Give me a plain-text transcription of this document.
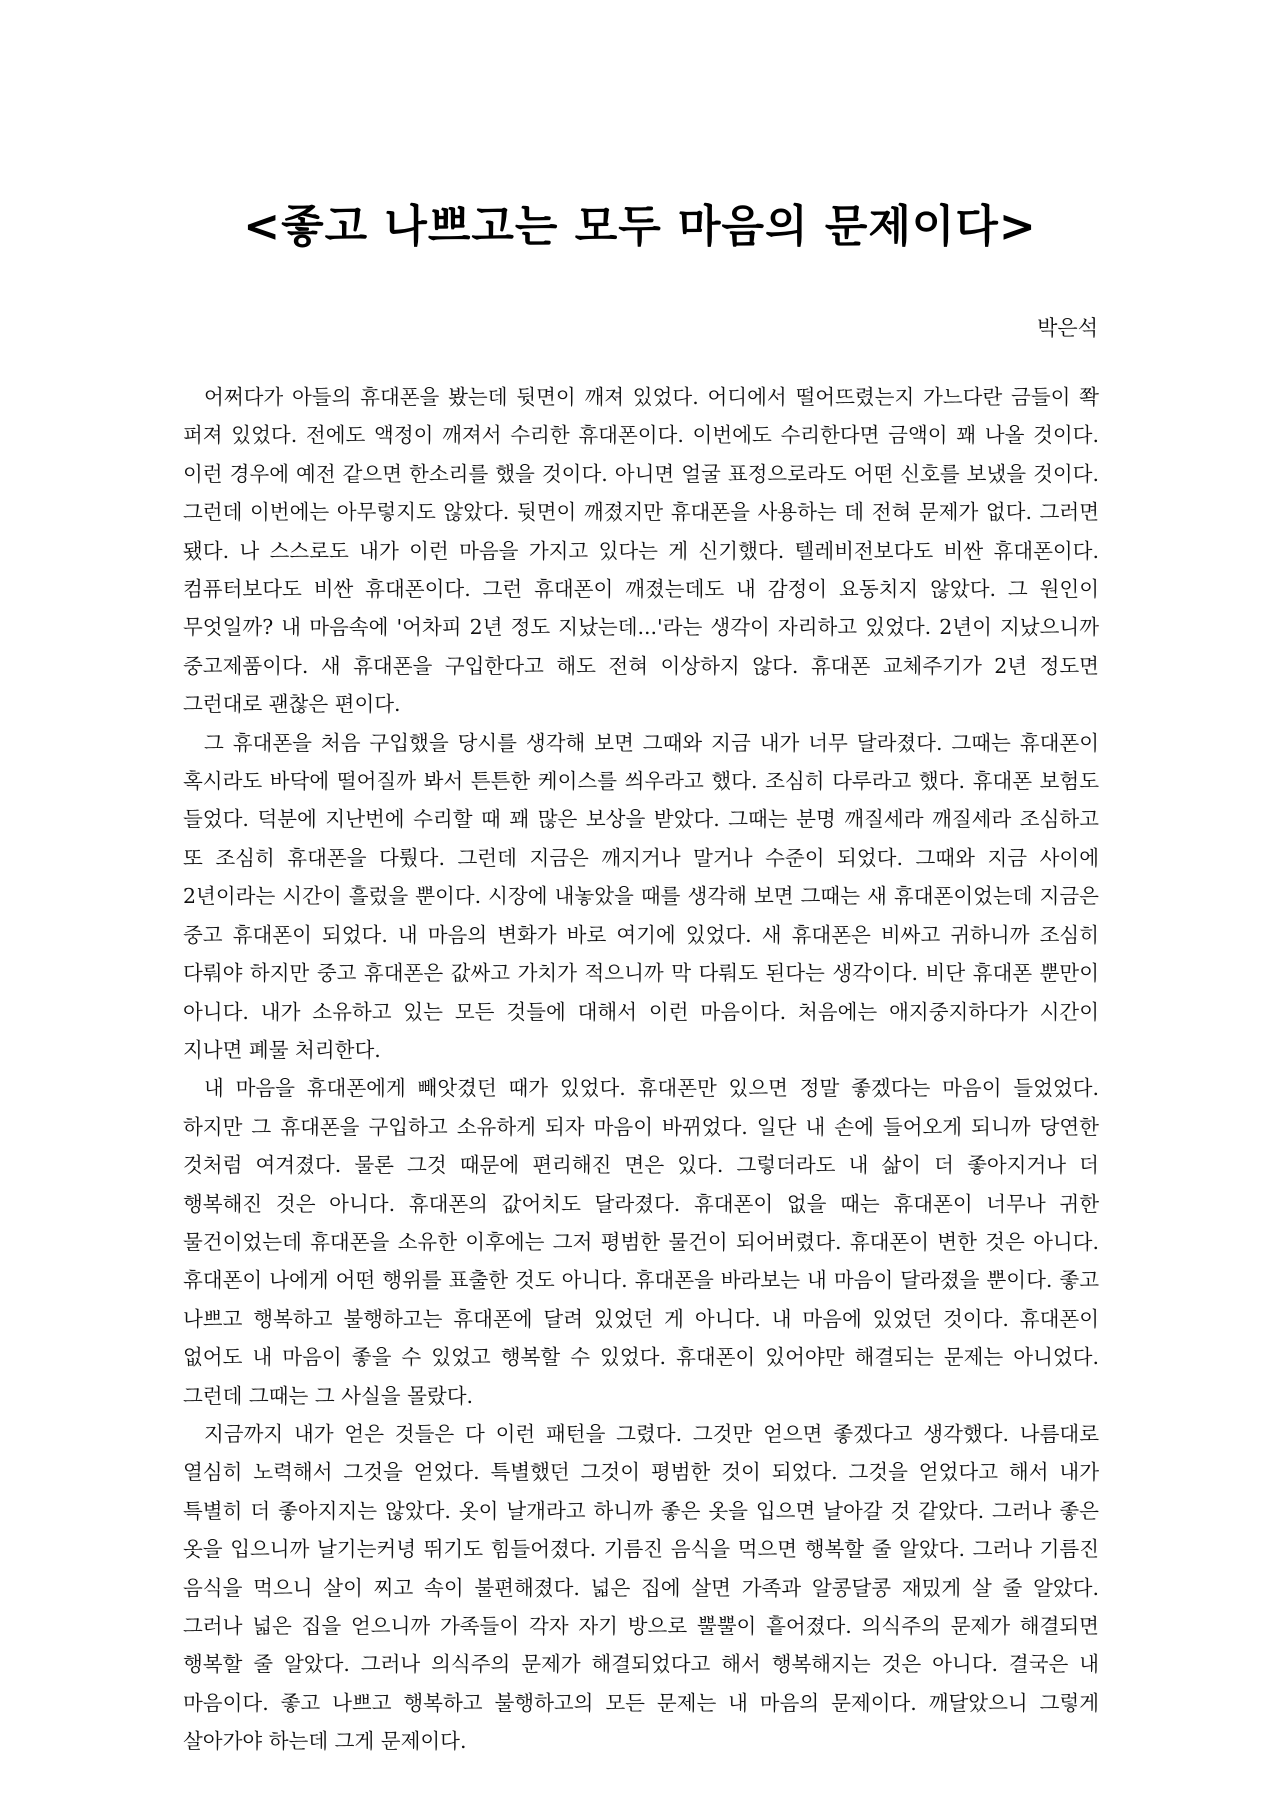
<좋고 나쁘고는 모두 마음의 문제이다>
박은석

어쩌다가 아들의 휴대폰을 봤는데 뒷면이 깨져 있었다. 어디에서 떨어뜨렸는지 가느다란 금들이 쫙 퍼져 있었다. 전에도 액정이 깨져서 수리한 휴대폰이다. 이번에도 수리한다면 금액이 꽤 나올 것이다. 이런 경우에 예전 같으면 한소리를 했을 것이다. 아니면 얼굴 표정으로라도 어떤 신호를 보냈을 것이다. 그런데 이번에는 아무렇지도 않았다. 뒷면이 깨졌지만 휴대폰을 사용하는 데 전혀 문제가 없다. 그러면 됐다. 나 스스로도 내가 이런 마음을 가지고 있다는 게 신기했다. 텔레비전보다도 비싼 휴대폰이다. 컴퓨터보다도 비싼 휴대폰이다. 그런 휴대폰이 깨졌는데도 내 감정이 요동치지 않았다. 그 원인이 무엇일까? 내 마음속에 '어차피 2년 정도 지났는데...'라는 생각이 자리하고 있었다. 2년이 지났으니까 중고제품이다. 새 휴대폰을 구입한다고 해도 전혀 이상하지 않다. 휴대폰 교체주기가 2년 정도면 그런대로 괜찮은 편이다.

그 휴대폰을 처음 구입했을 당시를 생각해 보면 그때와 지금 내가 너무 달라졌다. 그때는 휴대폰이 혹시라도 바닥에 떨어질까 봐서 튼튼한 케이스를 씌우라고 했다. 조심히 다루라고 했다. 휴대폰 보험도 들었다. 덕분에 지난번에 수리할 때 꽤 많은 보상을 받았다. 그때는 분명 깨질세라 깨질세라 조심하고 또 조심히 휴대폰을 다뤘다. 그런데 지금은 깨지거나 말거나 수준이 되었다. 그때와 지금 사이에 2년이라는 시간이 흘렀을 뿐이다. 시장에 내놓았을 때를 생각해 보면 그때는 새 휴대폰이었는데 지금은 중고 휴대폰이 되었다. 내 마음의 변화가 바로 여기에 있었다. 새 휴대폰은 비싸고 귀하니까 조심히 다뤄야 하지만 중고 휴대폰은 값싸고 가치가 적으니까 막 다뤄도 된다는 생각이다. 비단 휴대폰 뿐만이 아니다. 내가 소유하고 있는 모든 것들에 대해서 이런 마음이다. 처음에는 애지중지하다가 시간이 지나면 폐물 처리한다.

내 마음을 휴대폰에게 빼앗겼던 때가 있었다. 휴대폰만 있으면 정말 좋겠다는 마음이 들었었다. 하지만 그 휴대폰을 구입하고 소유하게 되자 마음이 바뀌었다. 일단 내 손에 들어오게 되니까 당연한 것처럼 여겨졌다. 물론 그것 때문에 편리해진 면은 있다. 그렇더라도 내 삶이 더 좋아지거나 더 행복해진 것은 아니다. 휴대폰의 값어치도 달라졌다. 휴대폰이 없을 때는 휴대폰이 너무나 귀한 물건이었는데 휴대폰을 소유한 이후에는 그저 평범한 물건이 되어버렸다. 휴대폰이 변한 것은 아니다. 휴대폰이 나에게 어떤 행위를 표출한 것도 아니다. 휴대폰을 바라보는 내 마음이 달라졌을 뿐이다. 좋고 나쁘고 행복하고 불행하고는 휴대폰에 달려 있었던 게 아니다. 내 마음에 있었던 것이다. 휴대폰이 없어도 내 마음이 좋을 수 있었고 행복할 수 있었다. 휴대폰이 있어야만 해결되는 문제는 아니었다. 그런데 그때는 그 사실을 몰랐다.

지금까지 내가 얻은 것들은 다 이런 패턴을 그렸다. 그것만 얻으면 좋겠다고 생각했다. 나름대로 열심히 노력해서 그것을 얻었다. 특별했던 그것이 평범한 것이 되었다. 그것을 얻었다고 해서 내가 특별히 더 좋아지지는 않았다. 옷이 날개라고 하니까 좋은 옷을 입으면 날아갈 것 같았다. 그러나 좋은 옷을 입으니까 날기는커녕 뛰기도 힘들어졌다. 기름진 음식을 먹으면 행복할 줄 알았다. 그러나 기름진 음식을 먹으니 살이 찌고 속이 불편해졌다. 넓은 집에 살면 가족과 알콩달콩 재밌게 살 줄 알았다. 그러나 넓은 집을 얻으니까 가족들이 각자 자기 방으로 뿔뿔이 흩어졌다. 의식주의 문제가 해결되면 행복할 줄 알았다. 그러나 의식주의 문제가 해결되었다고 해서 행복해지는 것은 아니다. 결국은 내 마음이다. 좋고 나쁘고 행복하고 불행하고의 모든 문제는 내 마음의 문제이다. 깨달았으니 그렇게 살아가야 하는데 그게 문제이다.
